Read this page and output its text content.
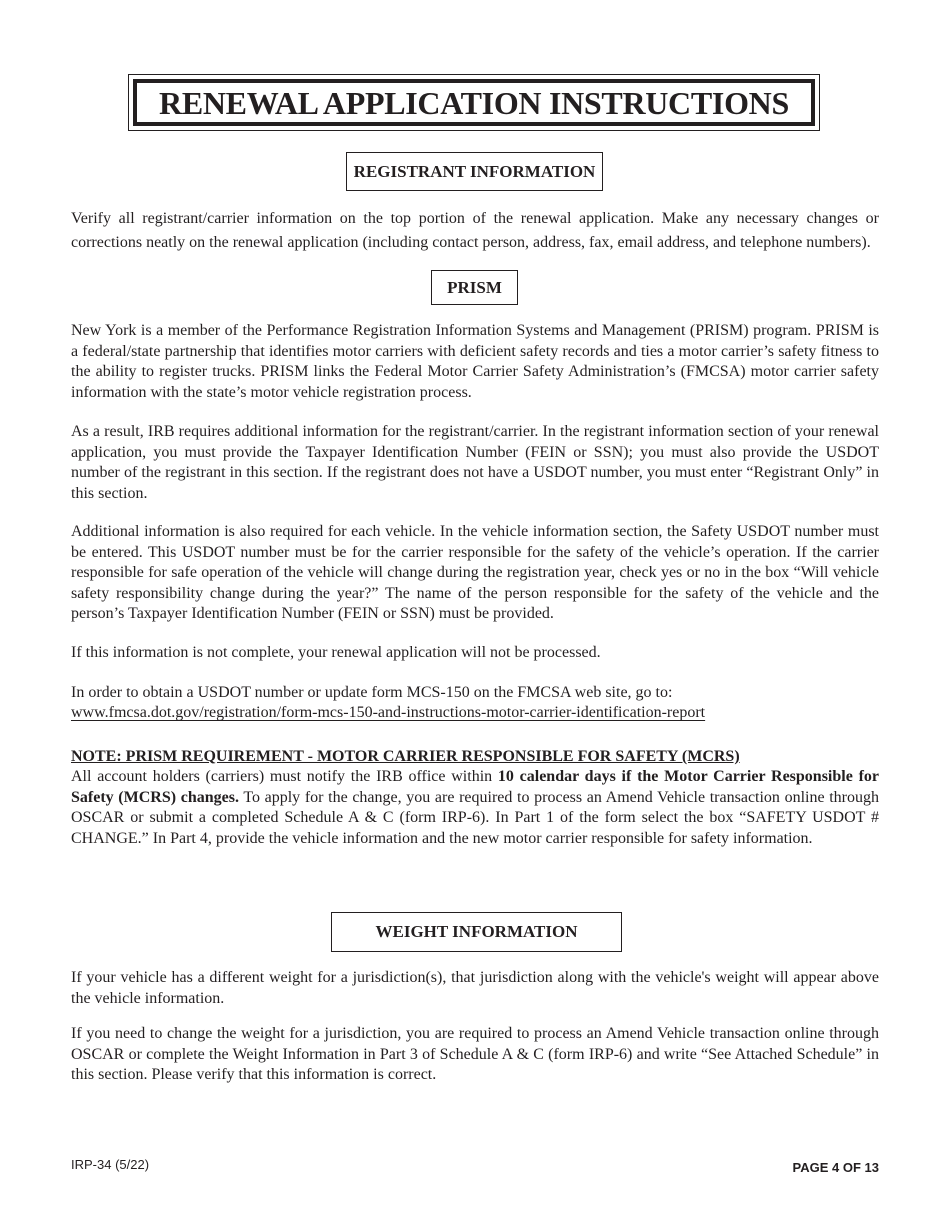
RENEWAL APPLICATION INSTRUCTIONS
REGISTRANT INFORMATION

Verify all registrant/carrier information on the top portion of the renewal application. Make any necessary changes or corrections neatly on the renewal application (including contact person, address, fax, email address, and telephone numbers).

PRISM

New York is a member of the Performance Registration Information Systems and Management (PRISM) program. PRISM is a federal/state partnership that identifies motor carriers with deficient safety records and ties a motor carrier’s safety fitness to the ability to register trucks. PRISM links the Federal Motor Carrier Safety Administration’s (FMCSA) motor carrier safety information with the state’s motor vehicle registration process.

As a result, IRB requires additional information for the registrant/carrier. In the registrant information section of your renewal application, you must provide the Taxpayer Identification Number (FEIN or SSN); you must also provide the USDOT number of the registrant in this section. If the registrant does not have a USDOT number, you must enter “Registrant Only” in this section.

Additional information is also required for each vehicle. In the vehicle information section, the Safety USDOT number must be entered. This USDOT number must be for the carrier responsible for the safety of the vehicle’s operation. If the carrier responsible for safe operation of the vehicle will change during the registration year, check yes or no in the box “Will vehicle safety responsibility change during the year?” The name of the person responsible for the safety of the vehicle and the person’s Taxpayer Identification Number (FEIN or SSN) must be provided.

If this information is not complete, your renewal application will not be processed.

In order to obtain a USDOT number or update form MCS-150 on the FMCSA web site, go to:

www.fmcsa.dot.gov/registration/form-mcs-150-and-instructions-motor-carrier-identification-report
NOTE: PRISM REQUIREMENT - MOTOR CARRIER RESPONSIBLE FOR SAFETY (MCRS)

All account holders (carriers) must notify the IRB office within 10 calendar days if the Motor Carrier Responsible for Safety (MCRS) changes. To apply for the change, you are required to process an Amend Vehicle transaction online through OSCAR or submit a completed Schedule A & C (form IRP-6). In Part 1 of the form select the box “SAFETY USDOT # CHANGE.” In Part 4, provide the vehicle information and the new motor carrier responsible for safety information.

WEIGHT INFORMATION

If your vehicle has a different weight for a jurisdiction(s), that jurisdiction along with the vehicle's weight will appear above the vehicle information.

If you need to change the weight for a jurisdiction, you are required to process an Amend Vehicle transaction online through OSCAR or complete the Weight Information in Part 3 of Schedule A & C (form IRP-6) and write “See Attached Schedule” in this section. Please verify that this information is correct.

IRP-34 (5/22)	PAGE 4 OF 13
